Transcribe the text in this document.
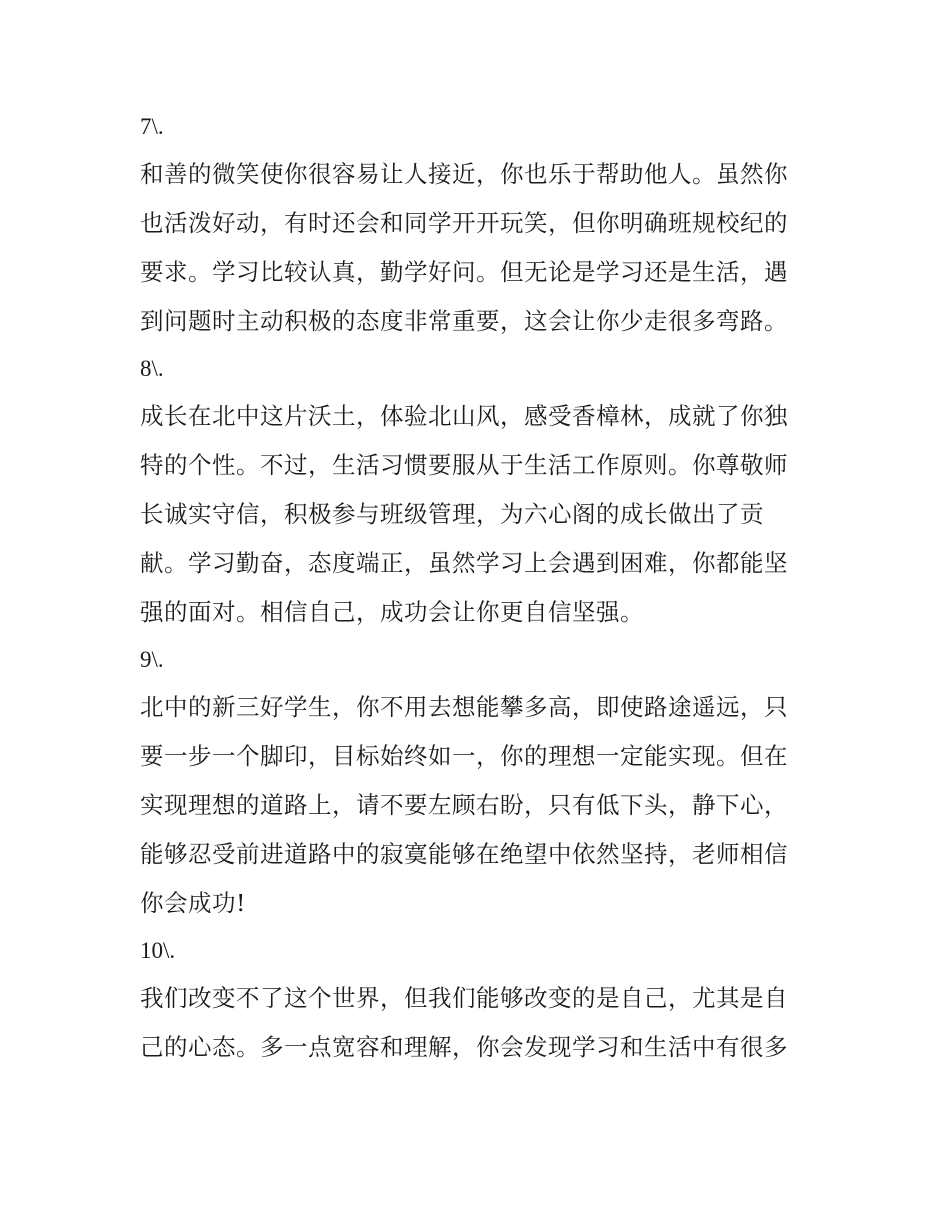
7\.

和善的微笑使你很容易让人接近，你也乐于帮助他人。虽然你
也活泼好动，有时还会和同学开开玩笑，但你明确班规校纪的
要求。学习比较认真，勤学好问。但无论是学习还是生活，遇
到问题时主动积极的态度非常重要，这会让你少走很多弯路。

8\.

成长在北中这片沃土，体验北山风，感受香樟林，成就了你独
特的个性。不过，生活习惯要服从于生活工作原则。你尊敬师
长诚实守信，积极参与班级管理，为六心阁的成长做出了贡
献。学习勤奋，态度端正，虽然学习上会遇到困难，你都能坚
强的面对。相信自己，成功会让你更自信坚强。

9\.

北中的新三好学生，你不用去想能攀多高，即使路途遥远，只
要一步一个脚印，目标始终如一，你的理想一定能实现。但在
实现理想的道路上，请不要左顾右盼，只有低下头，静下心，
能够忍受前进道路中的寂寞能够在绝望中依然坚持，老师相信
你会成功!

10\.

我们改变不了这个世界，但我们能够改变的是自己，尤其是自
己的心态。多一点宽容和理解，你会发现学习和生活中有很多
